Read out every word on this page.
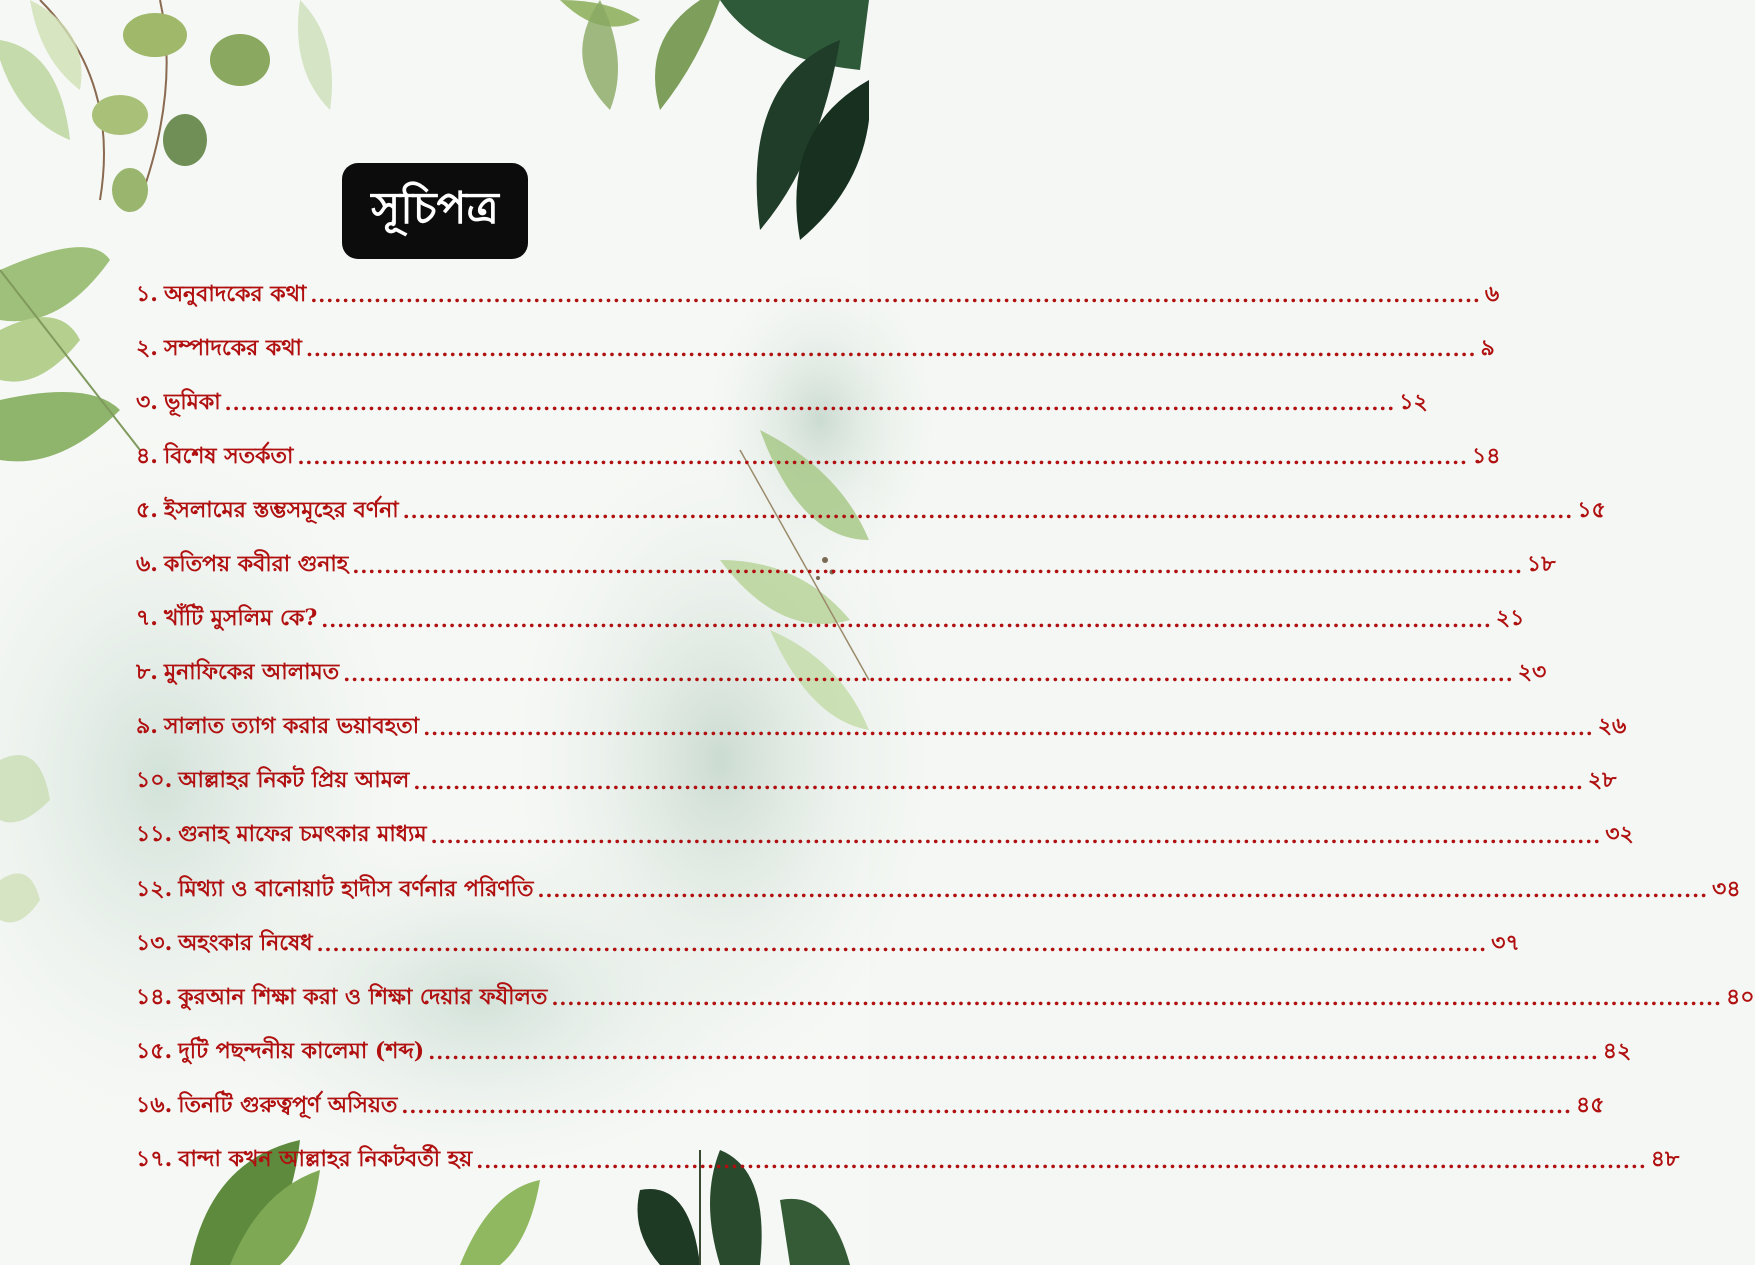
সূচিপত্র
১. অনুবাদকের কথা ................................................................................................................................................... ৬
২. সম্পাদকের কথা ................................................................................................................................................... ৯
৩. ভূমিকা ................................................................................................................................................... ১২
৪. বিশেষ সতর্কতা ................................................................................................................................................... ১৪
৫. ইসলামের স্তম্ভসমূহের বর্ণনা ................................................................................................................................................... ১৫
৬. কতিপয় কবীরা গুনাহ ................................................................................................................................................... ১৮
৭. খাঁটি মুসলিম কে? ................................................................................................................................................... ২১
৮. মুনাফিকের আলামত ................................................................................................................................................... ২৩
৯. সালাত ত্যাগ করার ভয়াবহতা ................................................................................................................................................... ২৬
১০. আল্লাহর নিকট প্রিয় আমল ................................................................................................................................................... ২৮
১১. গুনাহ মাফের চমৎকার মাধ্যম ................................................................................................................................................... ৩২
১২. মিথ্যা ও বানোয়াট হাদীস বর্ণনার পরিণতি ................................................................................................................................................... ৩৪
১৩. অহংকার নিষেধ ................................................................................................................................................... ৩৭
১৪. কুরআন শিক্ষা করা ও শিক্ষা দেয়ার ফযীলত ................................................................................................................................................... ৪০
১৫. দুটি পছন্দনীয় কালেমা (শব্দ) ................................................................................................................................................... ৪২
১৬. তিনটি গুরুত্বপূর্ণ অসিয়ত ................................................................................................................................................... ৪৫
১৭. বান্দা কখন আল্লাহর নিকটবর্তী হয় ................................................................................................................................................... ৪৮
